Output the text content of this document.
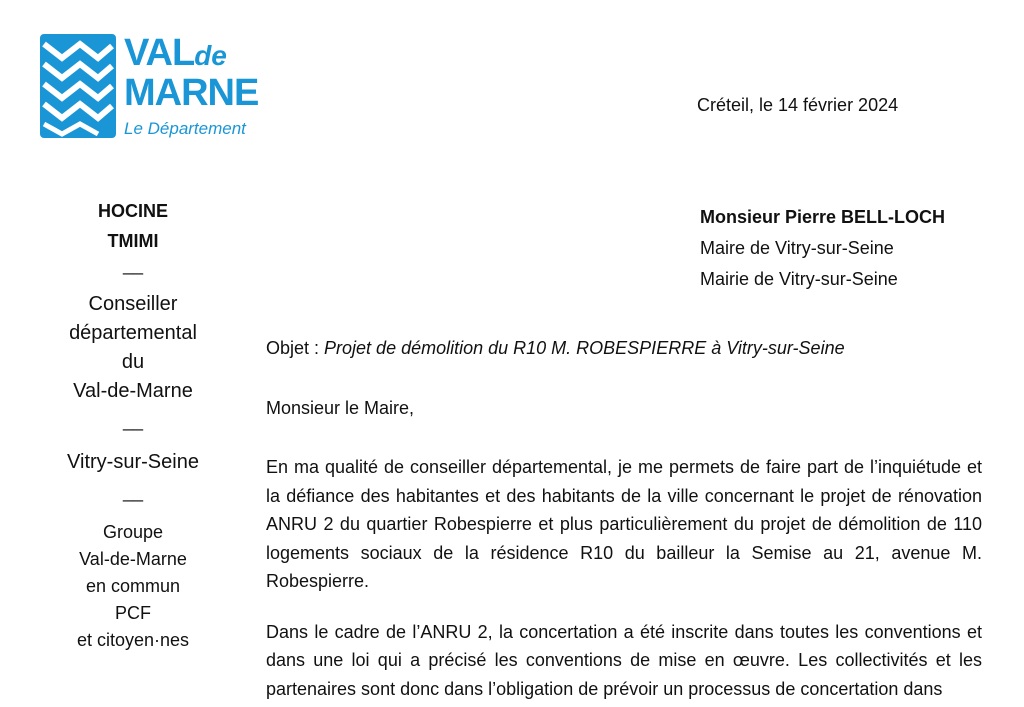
VALde
MARNE
Le Département
Créteil, le 14 février 2024
HOCINE
TMIMI
__
Conseiller
départemental
du
Val-de-Marne
__
Vitry-sur-Seine
__
Groupe
Val-de-Marne
en commun
PCF
et citoyen·nes
Monsieur Pierre BELL-LOCH
Maire de Vitry-sur-Seine
Mairie de Vitry-sur-Seine
Objet : Projet de démolition du R10 M. ROBESPIERRE à Vitry-sur-Seine
Monsieur le Maire,
En ma qualité de conseiller départemental, je me permets de faire part de l’inquiétude et la défiance des habitantes et des habitants de la ville concernant le projet de rénovation ANRU 2 du quartier Robespierre et plus particulièrement du projet de démolition de 110 logements sociaux de la résidence R10 du bailleur la Semise au 21, avenue M. Robespierre.
Dans le cadre de l’ANRU 2, la concertation a été inscrite dans toutes les conventions et dans une loi qui a précisé les conventions de mise en œuvre. Les collectivités et les partenaires sont donc dans l’obligation de prévoir un processus de concertation dans
